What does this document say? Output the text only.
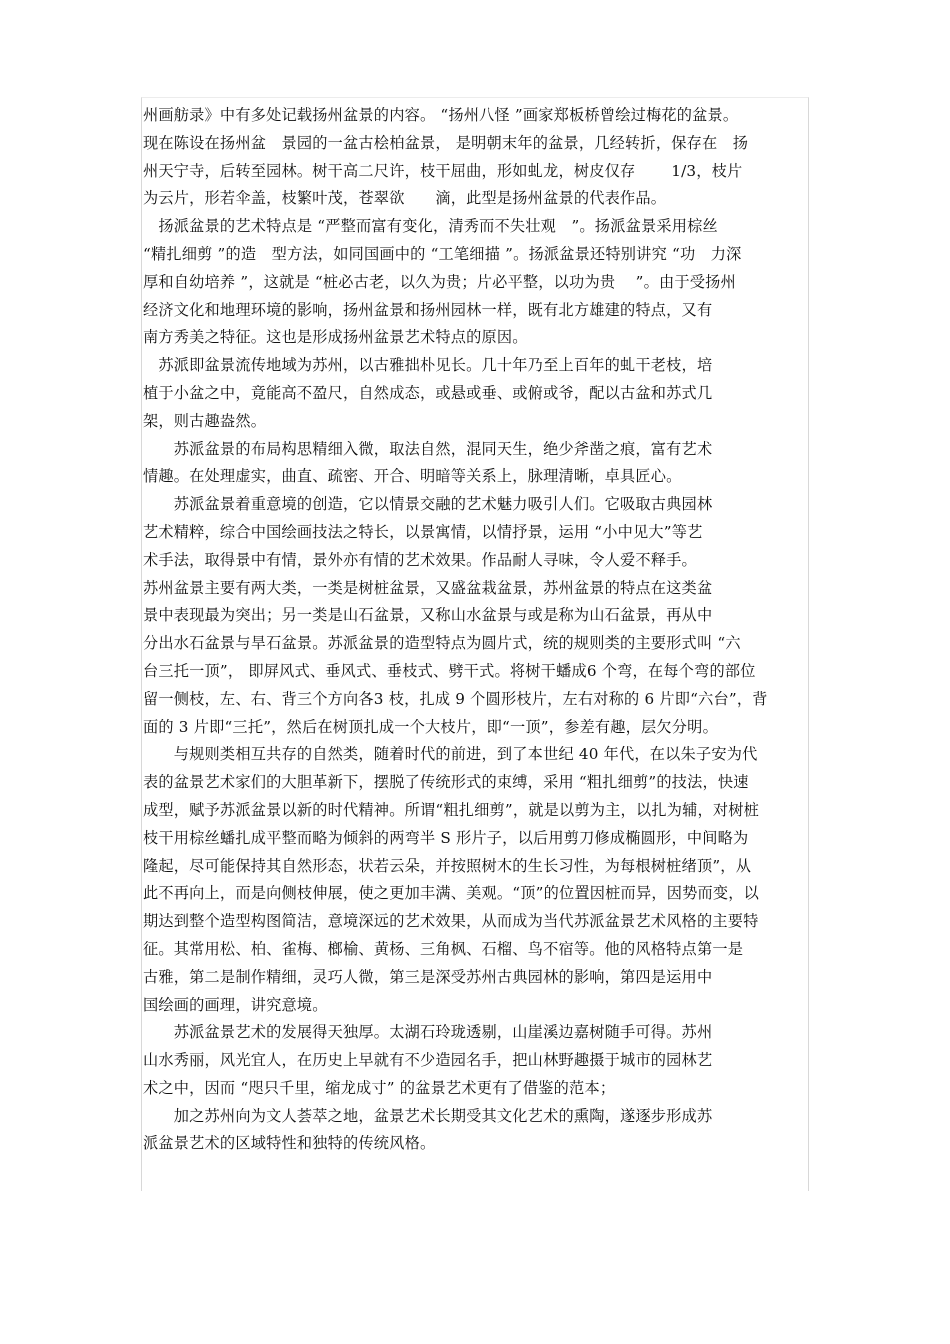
州画舫录》中有多处记载扬州盆景的内容。 “扬州八怪 ”画家郑板桥曾绘过梅花的盆景。
现在陈设在扬州盆　景园的一盆古桧柏盆景， 是明朝末年的盆景，几经转折，保存在　扬
州天宁寺，后转至园林。树干高二尺许，枝干屈曲，形如虬龙，树皮仅存　　 1/3，枝片
为云片，形若伞盖，枝繁叶茂，苍翠欲　　滴，此型是扬州盆景的代表作品。
　扬派盆景的艺术特点是 “严整而富有变化，清秀而不失壮观　”。扬派盆景采用棕丝
“精扎细剪 ”的造　型方法，如同国画中的 “工笔细描 ”。扬派盆景还特别讲究 “功　力深
厚和自幼培养 ”，这就是 “桩必古老，以久为贵；片必平整，以功为贵　 ”。由于受扬州
经济文化和地理环境的影响，扬州盆景和扬州园林一样，既有北方雄建的特点，又有
南方秀美之特征。这也是形成扬州盆景艺术特点的原因。
　苏派即盆景流传地域为苏州，以古雅拙朴见长。几十年乃至上百年的虬干老枝，培
植于小盆之中，竟能高不盈尺，自然成态，或悬或垂、或俯或爷，配以古盆和苏式几
架，则古趣盎然。
　　苏派盆景的布局构思精细入微，取法自然，混同天生，绝少斧凿之痕，富有艺术
情趣。在处理虚实，曲直、疏密、开合、明暗等关系上，脉理清晰，卓具匠心。
　　苏派盆景着重意境的创造，它以情景交融的艺术魅力吸引人们。它吸取古典园林
艺术精粹，综合中国绘画技法之特长，以景寓情，以情抒景，运用 “小中见大”等艺
术手法，取得景中有情，景外亦有情的艺术效果。作品耐人寻味，令人爱不释手。
苏州盆景主要有两大类，一类是树桩盆景，又盛盆栽盆景，苏州盆景的特点在这类盆
景中表现最为突出；另一类是山石盆景，又称山水盆景与或是称为山石盆景，再从中
分出水石盆景与旱石盆景。苏派盆景的造型特点为圆片式，统的规则类的主要形式叫 “六
台三托一顶”， 即屏风式、垂风式、垂枝式、劈干式。将树干蟠成6 个弯，在每个弯的部位
留一侧枝，左、右、背三个方向各3 枝，扎成 9 个圆形枝片，左右对称的 6 片即“六台”，背
面的 3 片即“三托”，然后在树顶扎成一个大枝片，即“一顶”，参差有趣，层欠分明。
　　与规则类相互共存的自然类，随着时代的前进，到了本世纪 40 年代，在以朱子安为代
表的盆景艺术家们的大胆革新下，摆脱了传统形式的束缚，采用 “粗扎细剪”的技法，快速
成型，赋予苏派盆景以新的时代精神。所谓“粗扎细剪”，就是以剪为主，以扎为辅，对树桩
枝干用棕丝蟠扎成平整而略为倾斜的两弯半 S 形片子，以后用剪刀修成椭圆形，中间略为
隆起，尽可能保持其自然形态，状若云朵，并按照树木的生长习性，为每根树桩绪顶”，从
此不再向上，而是向侧枝伸展，使之更加丰满、美观。“顶”的位置因桩而异，因势而变，以
期达到整个造型构图简洁，意境深远的艺术效果，从而成为当代苏派盆景艺术风格的主要特
征。其常用松、柏、雀梅、榔榆、黄杨、三角枫、石榴、鸟不宿等。他的风格特点第一是
古雅，第二是制作精细，灵巧人微，第三是深受苏州古典园林的影响，第四是运用中
国绘画的画理，讲究意境。
　　苏派盆景艺术的发展得天独厚。太湖石玲珑透剔，山崖溪边嘉树随手可得。苏州
山水秀丽，风光宜人，在历史上早就有不少造园名手，把山林野趣摄于城市的园林艺
术之中，因而 “咫只千里，缩龙成寸” 的盆景艺术更有了借鉴的范本；
　　加之苏州向为文人荟萃之地，盆景艺术长期受其文化艺术的熏陶，遂逐步形成苏
派盆景艺术的区域特性和独特的传统风格。
